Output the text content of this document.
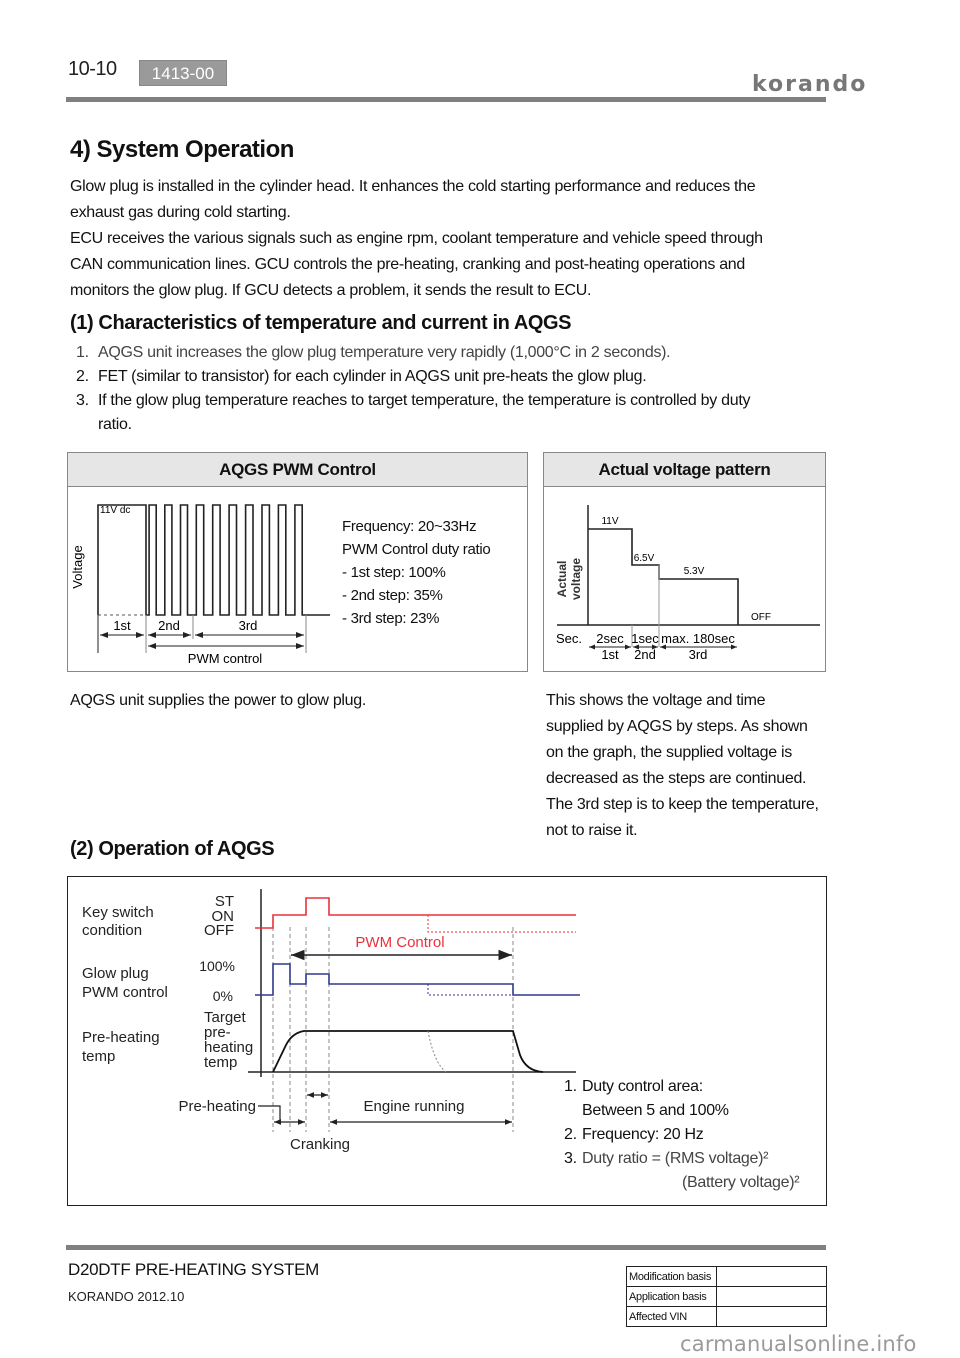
10-10	1413-00	korando
4) System Operation
Glow plug is installed in the cylinder head. It enhances the cold starting performance and reduces the
exhaust gas during cold starting.
ECU receives the various signals such as engine rpm, coolant temperature and vehicle speed through
CAN communication lines. GCU controls the pre-heating, cranking and post-heating operations and
monitors the glow plug. If GCU detects a problem, it sends the result to ECU.
(1) Characteristics of temperature and current in AQGS
1. AQGS unit increases the glow plug temperature very rapidly (1,000°C in 2 seconds).
2. FET (similar to transistor) for each cylinder in AQGS unit pre-heats the glow plug.
3. If the glow plug temperature reaches to target temperature, the temperature is controlled by duty ratio.
AQGS PWM Control
Voltage
11V dc
1st 2nd	3rd
PWM control
Frequency: 20~33Hz
PWM Control duty ratio
- 1st step: 100%
- 2nd step: 35%
- 3rd step: 23%
Actual voltage pattern
Actual voltage
11V
6.5V
5.3V
OFF
Sec. 2sec 1sec max. 180sec
1st 2nd	3rd
AQGS unit supplies the power to glow plug.	This shows the voltage and time
supplied by AQGS by steps. As shown
on the graph, the supplied voltage is
decreased as the steps are continued.
The 3rd step is to keep the temperature,
not to raise it.
(2) Operation of AQGS
Key switch
condition
Glow plug
PWM control
Pre-heating
temp
ST
ON
OFF
100%
0%
Target
pre-
heating
temp
PWM Control
Pre-heating
Cranking
Engine running
1. Duty control area:
Between 5 and 100%
2. Frequency: 20 Hz
3. Duty ratio = (RMS voltage)²
(Battery voltage)²
D20DTF PRE-HEATING SYSTEM
KORANDO 2012.10
Modification basis	
Application basis	
Affected VIN	
carmanualsonline.info
